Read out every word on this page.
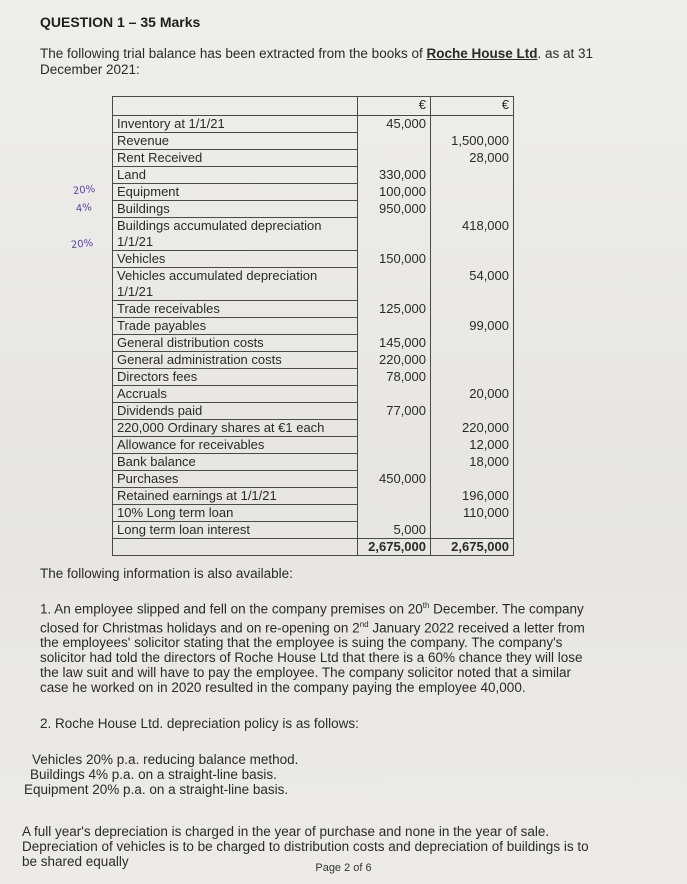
QUESTION 1 – 35 Marks
The following trial balance has been extracted from the books of Roche House Ltd. as at 31 December 2021:
	€	€
Inventory at 1/1/21	45,000	
Revenue		1,500,000
Rent Received		28,000
Land	330,000	
Equipment	100,000	
Buildings	950,000	
Buildings accumulated depreciation 1/1/21		418,000
Vehicles	150,000	
Vehicles accumulated depreciation 1/1/21		54,000
Trade receivables	125,000	
Trade payables		99,000
General distribution costs	145,000	
General administration costs	220,000	
Directors fees	78,000	
Accruals		20,000
Dividends paid	77,000	
220,000 Ordinary shares at €1 each		220,000
Allowance for receivables		12,000
Bank balance		18,000
Purchases	450,000	
Retained earnings at 1/1/21		196,000
10% Long term loan		110,000
Long term loan interest	5,000	
	2,675,000	2,675,000
20%
4%
20%
The following information is also available:
1. An employee slipped and fell on the company premises on 20th December. The company closed for Christmas holidays and on re-opening on 2nd January 2022 received a letter from the employees' solicitor stating that the employee is suing the company. The company's solicitor had told the directors of Roche House Ltd that there is a 60% chance they will lose the law suit and will have to pay the employee. The company solicitor noted that a similar case he worked on in 2020 resulted in the company paying the employee 40,000.
2. Roche House Ltd. depreciation policy is as follows:
Vehicles 20% p.a. reducing balance method.
Buildings 4% p.a. on a straight-line basis.
Equipment 20% p.a. on a straight-line basis.
A full year's depreciation is charged in the year of purchase and none in the year of sale. Depreciation of vehicles is to be charged to distribution costs and depreciation of buildings is to be shared equally	Page 2 of 6
